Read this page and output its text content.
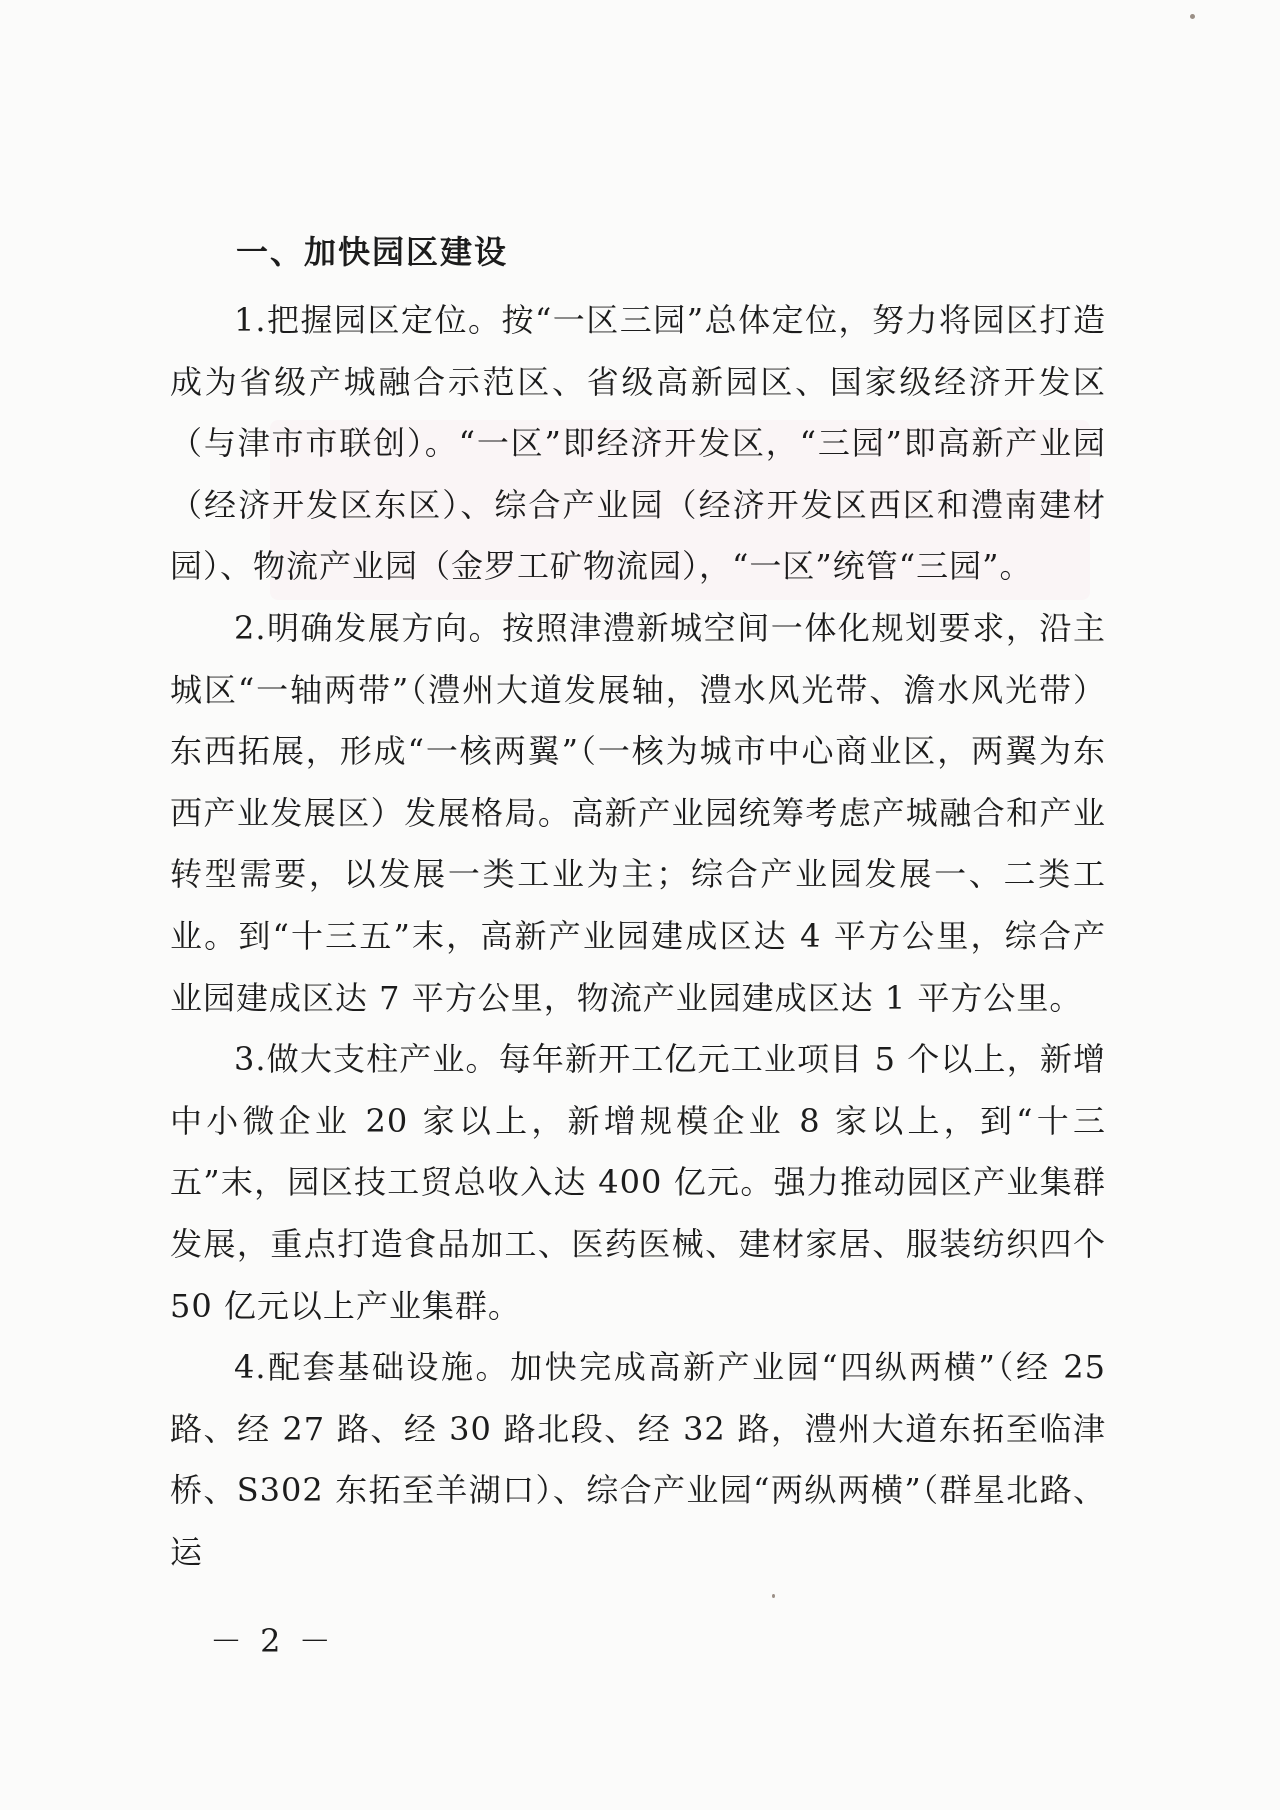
一、加快园区建设

1.把握园区定位。按“一区三园”总体定位，努力将园区打造成为省级产城融合示范区、省级高新园区、国家级经济开发区（与津市市联创）。“一区”即经济开发区，“三园”即高新产业园（经济开发区东区）、综合产业园（经济开发区西区和澧南建材园）、物流产业园（金罗工矿物流园），“一区”统管“三园”。

2.明确发展方向。按照津澧新城空间一体化规划要求，沿主城区“一轴两带”（澧州大道发展轴，澧水风光带、澹水风光带）东西拓展，形成“一核两翼”（一核为城市中心商业区，两翼为东西产业发展区）发展格局。高新产业园统筹考虑产城融合和产业转型需要，以发展一类工业为主；综合产业园发展一、二类工业。到“十三五”末，高新产业园建成区达 4 平方公里，综合产业园建成区达 7 平方公里，物流产业园建成区达 1 平方公里。

3.做大支柱产业。每年新开工亿元工业项目 5 个以上，新增中小微企业 20 家以上，新增规模企业 8 家以上，到“十三五”末，园区技工贸总收入达 400 亿元。强力推动园区产业集群发展，重点打造食品加工、医药医械、建材家居、服装纺织四个 50 亿元以上产业集群。

4.配套基础设施。加快完成高新产业园“四纵两横”（经 25 路、经 27 路、经 30 路北段、经 32 路，澧州大道东拓至临津桥、S302 东拓至羊湖口）、综合产业园“两纵两横”（群星北路、运

－ 2 －
